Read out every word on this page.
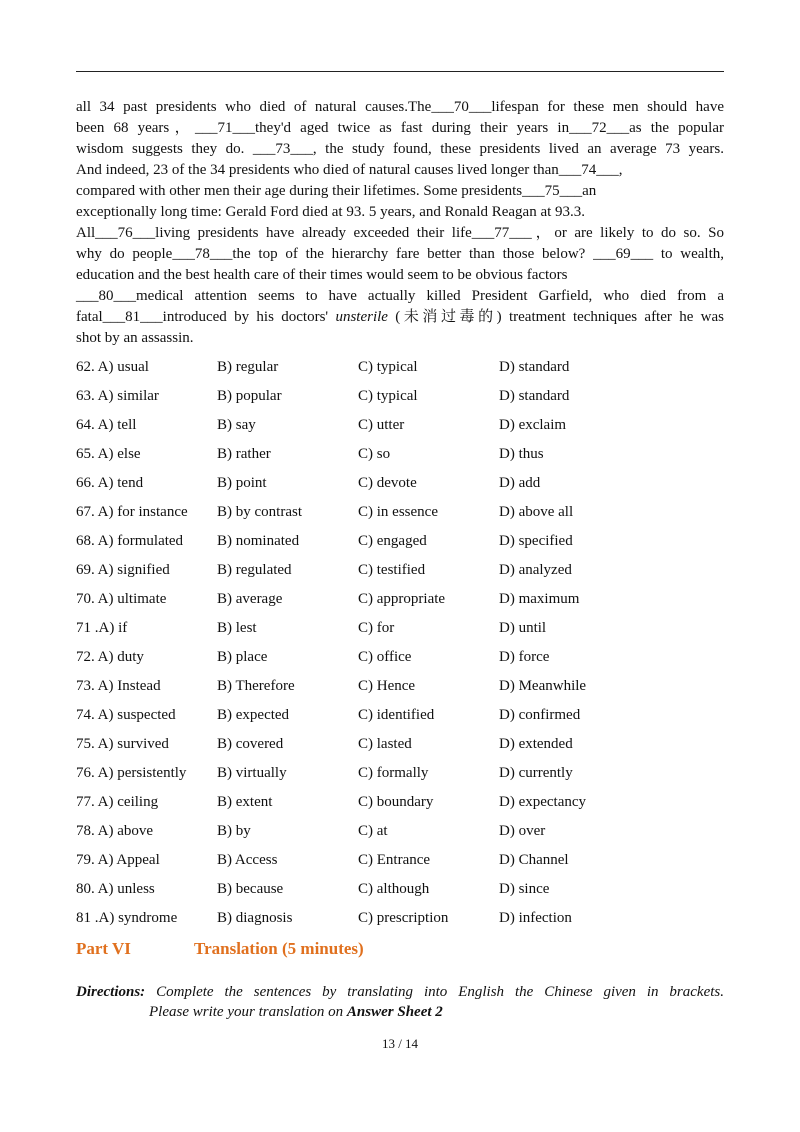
all 34 past presidents who died of natural causes.The___70___lifespan for these men should have
been 68 years，___71___they'd aged twice as fast during their years in___72___as the popular
wisdom suggests they do. ___73___, the study found, these presidents lived an average 73 years.
And indeed, 23 of the 34 presidents who died of natural causes lived longer than___74___,
compared with other men their age during their lifetimes. Some presidents___75___an
exceptionally long time: Gerald Ford died at 93. 5 years, and Ronald Reagan at 93.3.
All___76___living presidents have already exceeded their life___77___，or are likely to do so. So
why do people___78___the top of the hierarchy fare better than those below? ___69___ to wealth,
education and the best health care of their times would seem to be obvious factors
___80___medical attention seems to have actually killed President Garfield, who died from a
fatal___81___introduced by his doctors' unsterile (未消过毒的) treatment techniques after he was
shot by an assassin.
62. A) usual	B) regular	C) typical	D) standard
63. A) similar	B) popular	C) typical	D) standard
64. A) tell	B) say	C) utter	D) exclaim
65. A) else	B) rather	C) so	D) thus
66. A) tend	B) point	C) devote	D) add
67. A) for instance B) by contrast	C) in essence	D) above all
68. A) formulated B) nominated	C) engaged	D) specified
69. A) signified	B) regulated	C) testified	D) analyzed
70. A) ultimate	B) average	C) appropriate	D) maximum
71 .A) if	B) lest	C) for	D) until
72. A) duty	B) place	C) office	D) force
73. A) Instead	B) Therefore	C) Hence	D) Meanwhile
74. A) suspected	B) expected	C) identified	D) confirmed
75. A) survived	B) covered	C) lasted	D) extended
76. A) persistently B) virtually	C) formally	D) currently
77. A) ceiling	B) extent	C) boundary	D) expectancy
78. A) above	B) by	C) at	D) over
79. A) Appeal	B) Access	C) Entrance	D) Channel
80. A) unless	B) because	C) although	D) since
81 .A) syndrome	B) diagnosis	C) prescription	D) infection
Part VI	Translation (5 minutes)
Directions: Complete the sentences by translating into English the Chinese given in brackets.
Please write your translation on Answer Sheet 2
13 / 14
